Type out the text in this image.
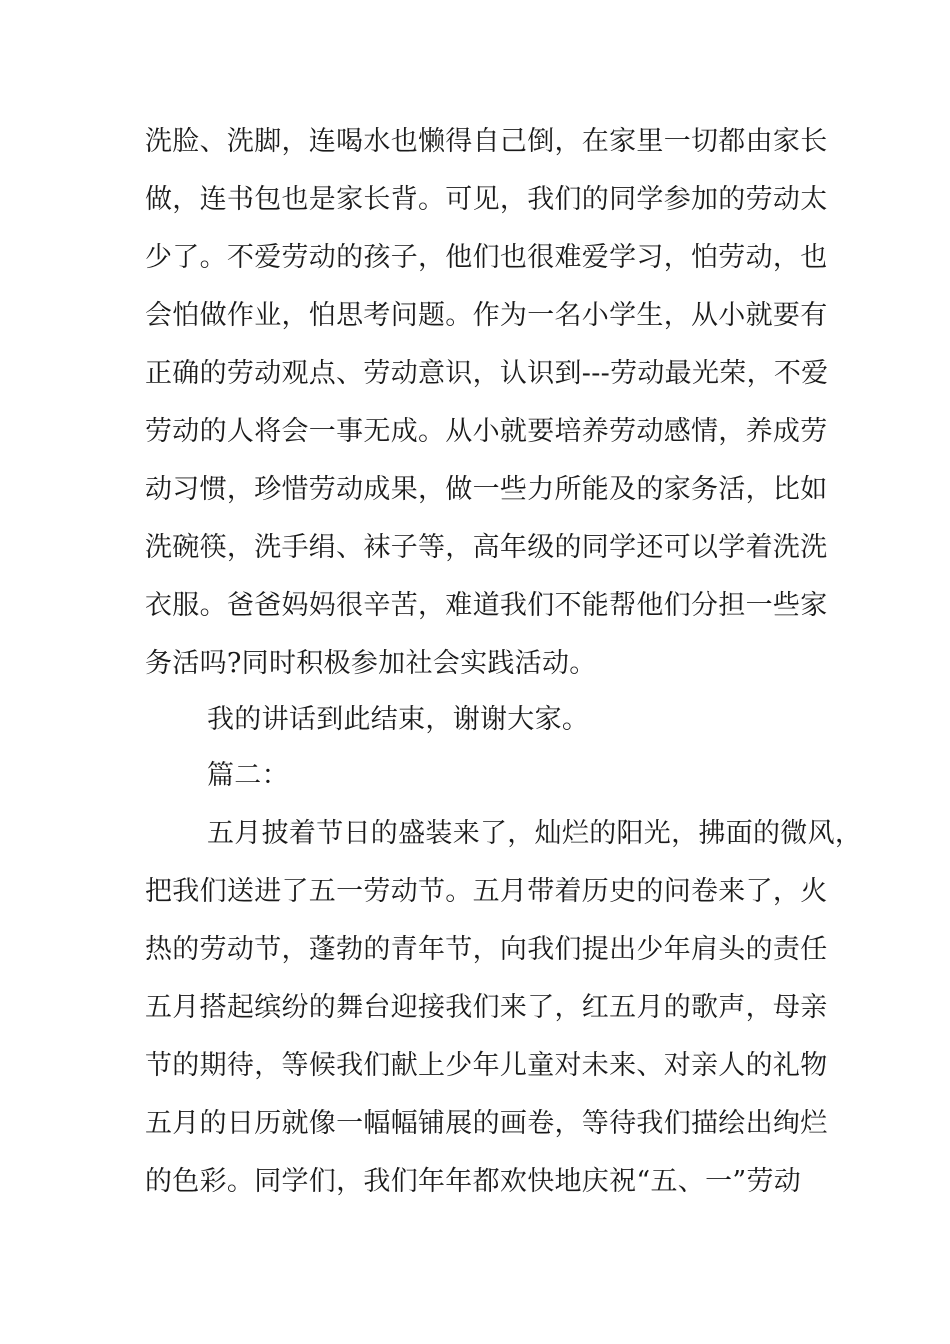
洗脸、洗脚，连喝水也懒得自己倒，在家里一切都由家长
做，连书包也是家长背。可见，我们的同学参加的劳动太
少了。不爱劳动的孩子，他们也很难爱学习，怕劳动，也
会怕做作业，怕思考问题。作为一名小学生，从小就要有
正确的劳动观点、劳动意识，认识到---劳动最光荣，不爱
劳动的人将会一事无成。从小就要培养劳动感情，养成劳
动习惯，珍惜劳动成果，做一些力所能及的家务活，比如
洗碗筷，洗手绢、袜子等，高年级的同学还可以学着洗洗
衣服。爸爸妈妈很辛苦，难道我们不能帮他们分担一些家
务活吗?同时积极参加社会实践活动。
我的讲话到此结束，谢谢大家。
篇二：
五月披着节日的盛装来了，灿烂的阳光，拂面的微风，
把我们送进了五一劳动节。五月带着历史的问卷来了，火
热的劳动节，蓬勃的青年节，向我们提出少年肩头的责任
五月搭起缤纷的舞台迎接我们来了，红五月的歌声，母亲
节的期待，等候我们献上少年儿童对未来、对亲人的礼物
五月的日历就像一幅幅铺展的画卷，等待我们描绘出绚烂
的色彩。同学们，我们年年都欢快地庆祝“五、一”劳动
